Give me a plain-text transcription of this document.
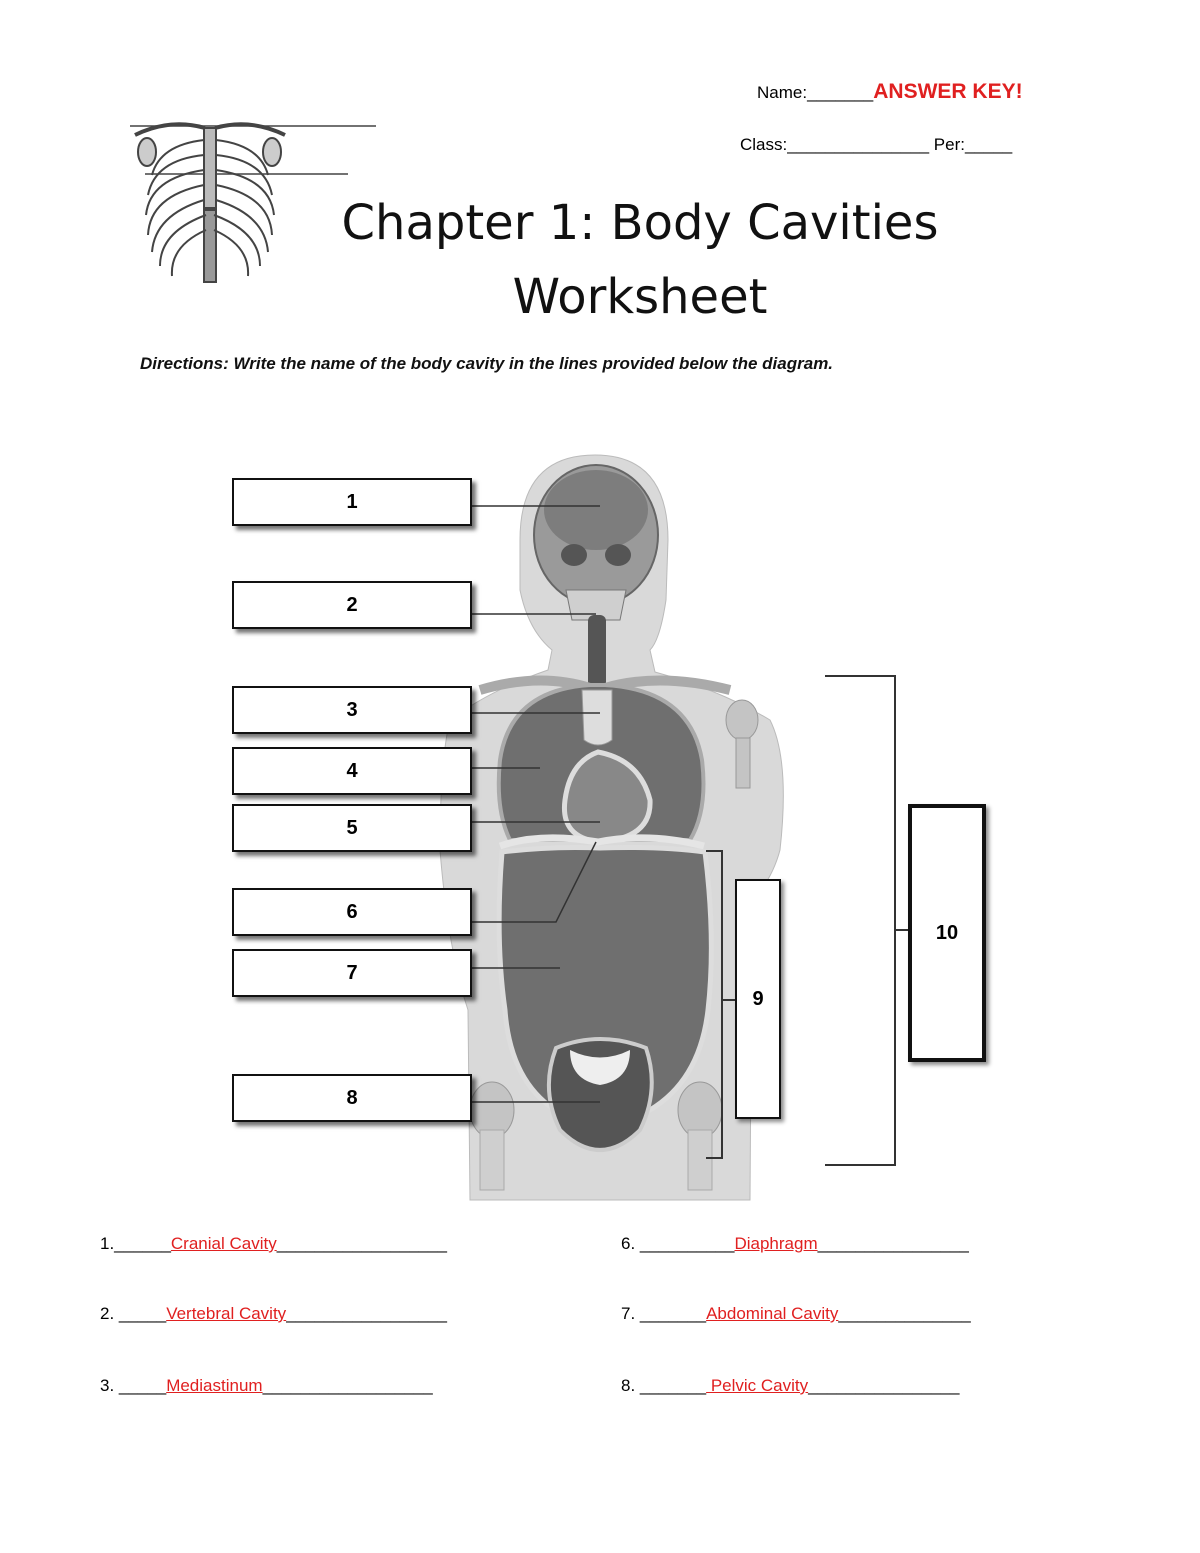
Name:_______ANSWER KEY!
Class:_______________ Per:_____
Chapter 1: Body Cavities
Worksheet
Directions: Write the name of the body cavity in the lines provided below the diagram.
1
2
3
4
5
6
7
8
9
10
1.______Cranial Cavity__________________
2. _____Vertebral Cavity_________________
3. _____Mediastinum__________________
6. __________Diaphragm________________
7. _______Abdominal Cavity______________
8. _______ Pelvic Cavity________________
